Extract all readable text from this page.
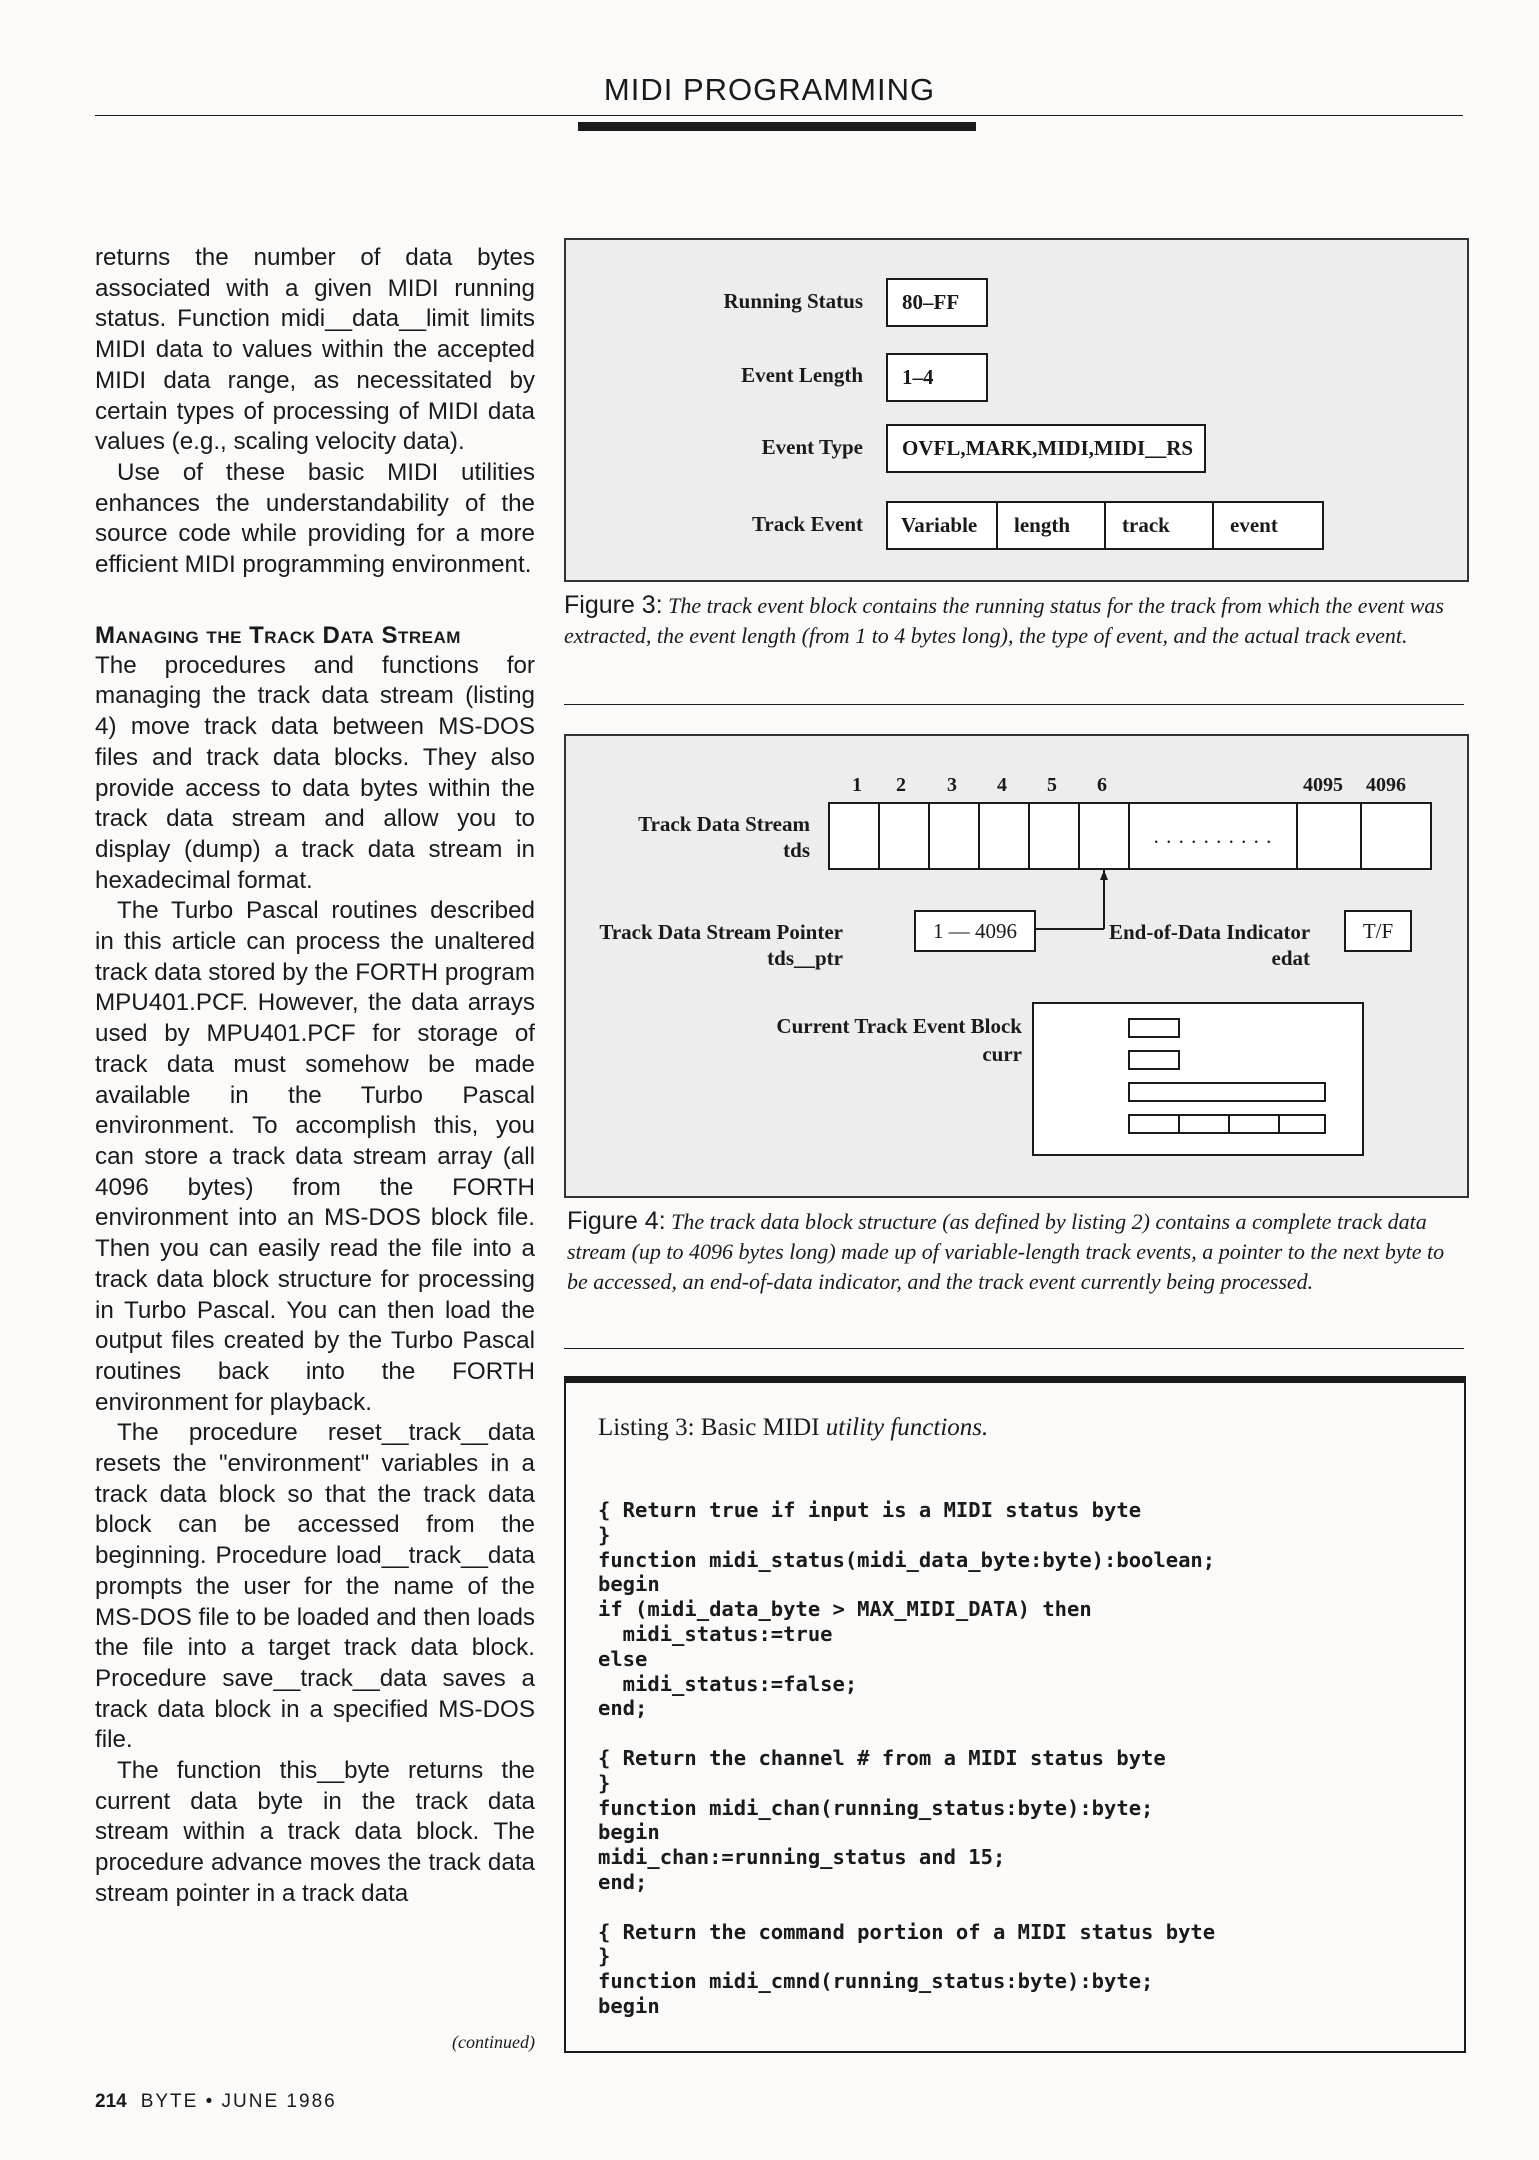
MIDI PROGRAMMING

returns the number of data bytes associated with a given MIDI running status. Function midi__data__limit limits MIDI data to values within the accepted MIDI data range, as necessitated by certain types of processing of MIDI data values (e.g., scaling velocity data).

Use of these basic MIDI utilities enhances the understandability of the source code while providing for a more efficient MIDI programming environment.

Managing the Track Data Stream

The procedures and functions for managing the track data stream (listing 4) move track data between MS-DOS files and track data blocks. They also provide access to data bytes within the track data stream and allow you to display (dump) a track data stream in hexadecimal format.

The Turbo Pascal routines described in this article can process the unaltered track data stored by the FORTH program MPU401.PCF. However, the data arrays used by MPU401.PCF for storage of track data must somehow be made available in the Turbo Pascal environment. To accomplish this, you can store a track data stream array (all 4096 bytes) from the FORTH environment into an MS-DOS block file. Then you can easily read the file into a track data block structure for processing in Turbo Pascal. You can then load the output files created by the Turbo Pascal routines back into the FORTH environment for playback.

The procedure reset__track__data resets the "environment" variables in a track data block so that the track data block can be accessed from the beginning. Procedure load__track__data prompts the user for the name of the MS-DOS file to be loaded and then loads the file into a target track data block. Procedure save__track__data saves a track data block in a specified MS-DOS file.

The function this__byte returns the current data byte in the track data stream within a track data block. The procedure advance moves the track data stream pointer in a track data

(continued)
Running Status	80–FF
Event Length	1–4
Event Type	OVFL,MARK,MIDI,MIDI__RS
Track Event	Variable	length	track	event
Figure 3: The track event block contains the running status for the track from which the event was extracted, the event length (from 1 to 4 bytes long), the type of event, and the actual track event.
1 2 3 4 5 6	4095 4096
Track Data Stream
tds
. . . . . . . . . .
Track Data Stream Pointer
tds__ptr
1 — 4096	End-of-Data Indicator
edat
T/F
Current Track Event Block
curr
Figure 4: The track data block structure (as defined by listing 2) contains a complete track data stream (up to 4096 bytes long) made up of variable-length track events, a pointer to the next byte to be accessed, an end-of-data indicator, and the track event currently being processed.
Listing 3: Basic MIDI utility functions.
{ Return true if input is a MIDI status byte
}
function midi_status(midi_data_byte:byte):boolean;
begin
if (midi_data_byte > MAX_MIDI_DATA) then
midi_status:=true
else
midi_status:=false;
end;

{ Return the channel # from a MIDI status byte
}
function midi_chan(running_status:byte):byte;
begin
midi_chan:=running_status and 15;
end;

{ Return the command portion of a MIDI status byte
}
function midi_cmnd(running_status:byte):byte;
begin
214 BYTE • JUNE 1986
